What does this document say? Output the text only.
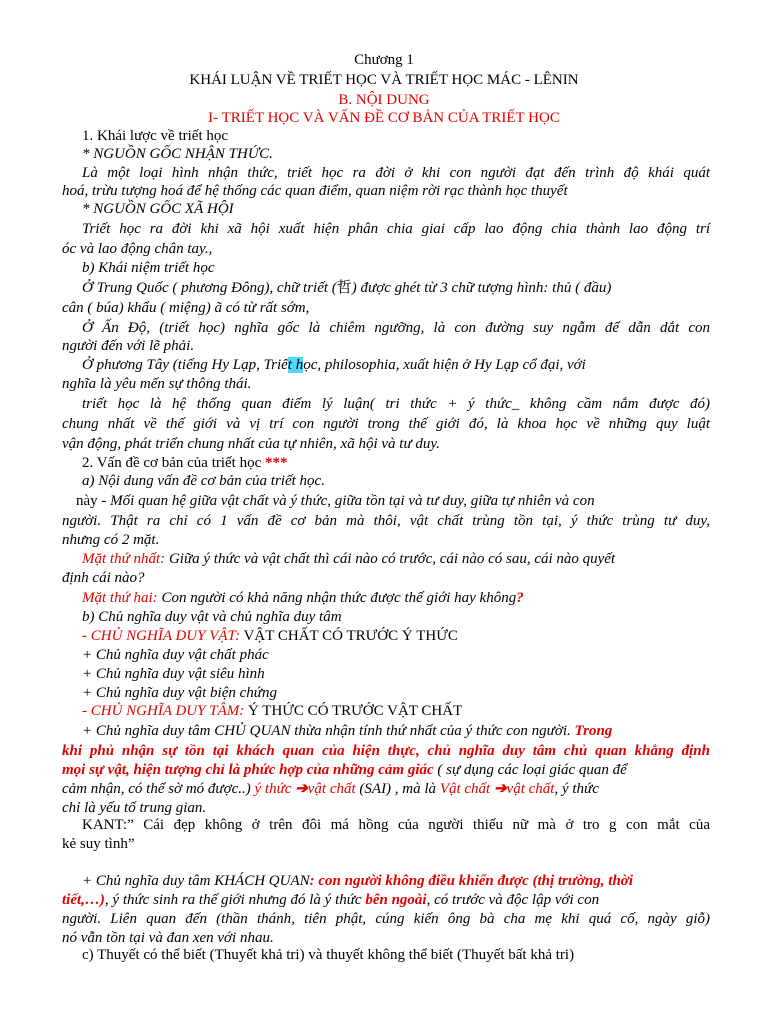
Chương 1
KHÁI LUẬN VỀ TRIẾT HỌC VÀ TRIẾT HỌC MÁC - LÊNIN
B. NỘI DUNG
I- TRIẾT HỌC VÀ VẤN ĐỀ CƠ BẢN CỦA TRIẾT HỌC
1. Khái lược về triết học
* NGUỒN GỐC NHẬN THỨC.
Là một loại hình nhận thức, triết học ra đời ở khi con người đạt đến trình độ khái quát
hoá, trừu tượng hoá để hệ thống các quan điểm, quan niệm rời rạc thành học thuyết
* NGUỒN GỐC XÃ HỘI
Triết học ra đời khi xã hội xuất hiện phân chia giai cấp lao động chia thành lao động trí
óc và lao động chân tay.,
b) Khái niệm triết học
Ở Trung Quốc ( phương Đông), chữ triết (哲) được ghét từ 3 chữ tượng hình: thủ ( đầu)
cân ( búa) khẩu ( miệng) ã có từ rất sớm,
Ở Ấn Độ, (triết học) nghĩa gốc là chiêm ngưỡng, là con đường suy ngẫm để dẫn dắt con
người đến với lẽ phải.
Ở phương Tây (tiếng Hy Lạp, Triết học, philosophia, xuất hiện ở Hy Lạp cổ đại, với
nghĩa là yêu mến sự thông thái.
triết học là hệ thống quan điểm lý luận( tri thức + ý thức_ không cầm nắm được đó)
chung nhất về thế giới và vị trí con người trong thế giới đó, là khoa học về những quy luật
vận động, phát triển chung nhất của tự nhiên, xã hội và tư duy.
2. Vấn đề cơ bản của triết học ***
a) Nội dung vấn đề cơ bản của triết học.
này - Mối quan hệ giữa vật chất và ý thức, giữa tồn tại và tư duy, giữa tự nhiên và con
người. Thật ra chỉ có 1 vấn đề cơ bản mà thôi, vật chất trùng tồn tại, ý thức trùng tư duy,
nhưng có 2 mặt.
Mặt thứ nhất: Giữa ý thức và vật chất thì cái nào có trước, cái nào có sau, cái nào quyết
định cái nào?
Mặt thứ hai: Con người có khả năng nhận thức được thế giới hay không?
b) Chủ nghĩa duy vật và chủ nghĩa duy tâm
- CHỦ NGHĨA DUY VẬT: VẬT CHẤT CÓ TRƯỚC Ý THỨC
+ Chủ nghĩa duy vật chất phác
+ Chủ nghĩa duy vật siêu hình
+ Chủ nghĩa duy vật biện chứng
- CHỦ NGHĨA DUY TÂM: Ý THỨC CÓ TRƯỚC VẬT CHẤT
+ Chủ nghĩa duy tâm CHỦ QUAN thừa nhận tính thứ nhất của ý thức con người. Trong
khi phủ nhận sự tồn tại khách quan của hiện thực, chủ nghĩa duy tâm chủ quan khẳng định
mọi sự vật, hiện tượng chỉ là phức hợp của những cảm giác ( sự dụng các loại giác quan để
cảm nhận, có thể sờ mó được..) ý thức ➔vật chất (SAI) , mà là Vật chất ➔vật chất, ý thức
chỉ là yếu tố trung gian.
KANT:” Cái đẹp không ở trên đôi má hồng của người thiếu nữ mà ở tro g con mắt của
kẻ suy tình”
+ Chủ nghĩa duy tâm KHÁCH QUAN: con người không điều khiển được (thị trường, thời
tiết,…), ý thức sinh ra thế giới nhưng đó là ý thức bên ngoài, có trước và độc lập với con
người. Liên quan đến (thần thánh, tiên phật, cúng kiến ông bà cha mẹ khi quá cố, ngày giỗ)
nó vẫn tồn tại và đan xen với nhau.
c) Thuyết có thể biết (Thuyết khả tri) và thuyết không thể biết (Thuyết bất khả tri)
